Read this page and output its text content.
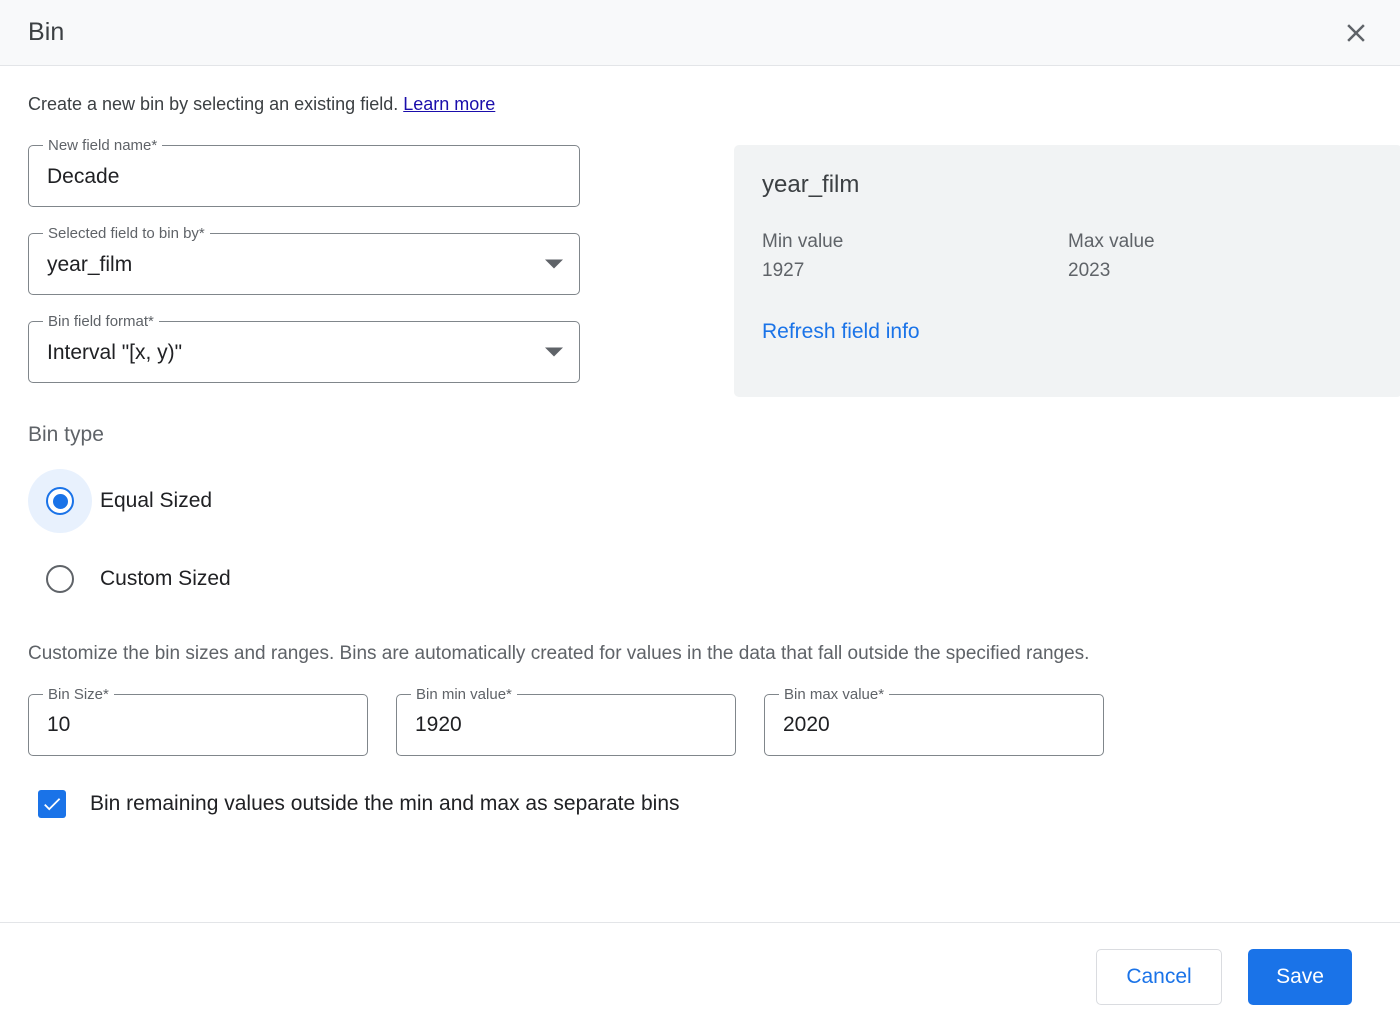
Bin

Create a new bin by selecting an existing field. Learn more

New field name*
Decade
Selected field to bin by*
year_film
Bin field format*
Interval "[x, y)"
year_film
Min value
1927
Max value
2023
Refresh field info
Bin type
Equal Sized
Custom Sized
Customize the bin sizes and ranges. Bins are automatically created for values in the data that fall outside the specified ranges.
Bin Size*
10
Bin min value*
1920
Bin max value*
2020
Bin remaining values outside the min and max as separate bins
Cancel	Save
